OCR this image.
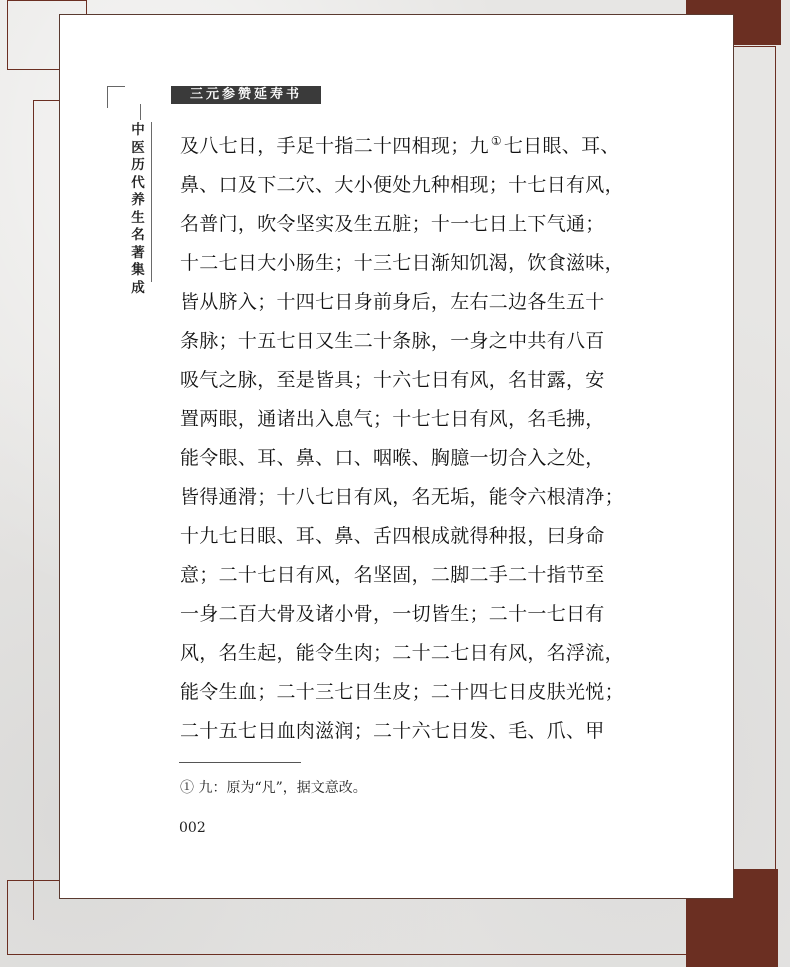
三元参赞延寿书
中
医
历
代
养
生
名
著
集
成
及八七日，手足十指二十四相现；九 ① 七日眼、耳、
鼻、口及下二穴、大小便处九种相现；十七日有风，
名普门，吹令坚实及生五脏；十一七日上下气通；
十二七日大小肠生；十三七日渐知饥渴，饮食滋味，
皆从脐入；十四七日身前身后，左右二边各生五十
条脉；十五七日又生二十条脉，一身之中共有八百
吸气之脉，至是皆具；十六七日有风，名甘露，安
置两眼，通诸出入息气；十七七日有风，名毛拂，
能令眼、耳、鼻、口、咽喉、胸臆一切合入之处，
皆得通滑；十八七日有风，名无垢，能令六根清净；
十九七日眼、耳、鼻、舌四根成就得种报，曰身命
意；二十七日有风，名坚固，二脚二手二十指节至
一身二百大骨及诸小骨，一切皆生；二十一七日有
风，名生起，能令生肉；二十二七日有风，名浮流，
能令生血；二十三七日生皮；二十四七日皮肤光悦；
二十五七日血肉滋润；二十六七日发、毛、爪、甲
① 九：原为“凡”，据文意改。
002
